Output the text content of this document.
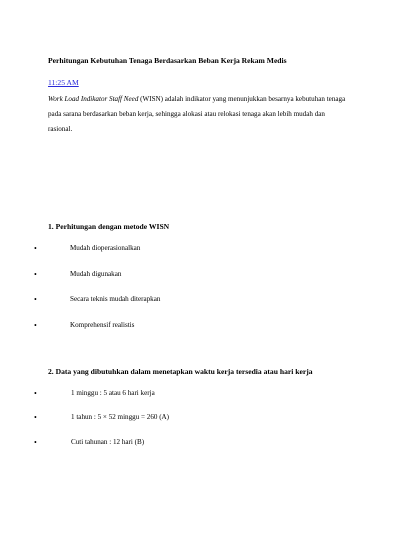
Perhitungan Kebutuhan Tenaga Berdasarkan Beban Kerja Rekam Medis
11:25 AM
Work Load Indikator Staff Need (WISN) adalah indikator yang menunjukkan besarnya kebutuhan tenaga pada sarana berdasarkan beban kerja, sehingga alokasi atau relokasi tenaga akan lebih mudah dan rasional.
1. Perhitungan dengan metode WISN
•	Mudah dioperasionalkan
•	Mudah digunakan
•	Secara teknis mudah diterapkan
•	Komprehensif realistis
2. Data yang dibutuhkan dalam menetapkan waktu kerja tersedia atau hari kerja
•	1 minggu : 5 atau 6 hari kerja
•	1 tahun : 5 × 52 minggu = 260 (A)
•	Cuti tahunan : 12 hari (B)
